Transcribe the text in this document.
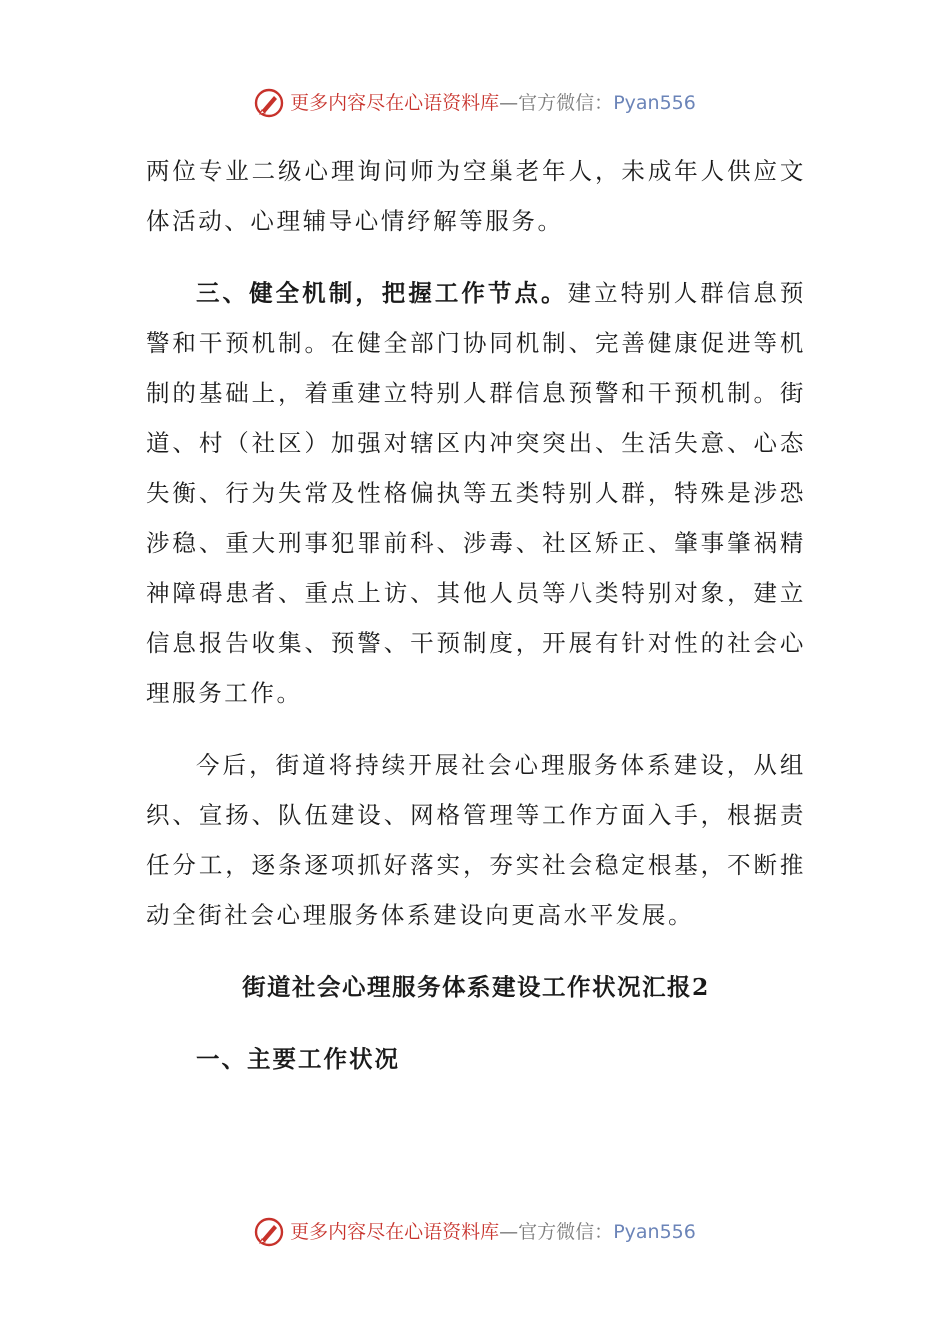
更多内容尽在心语资料库 — 官方微信： Pyan556

两位专业二级心理询问师为空巢老年人，未成年人供应文体活动、心理辅导心情纾解等服务。

三、健全机制，把握工作节点。建立特别人群信息预警和干预机制。在健全部门协同机制、完善健康促进等机制的基础上，着重建立特别人群信息预警和干预机制。街道、村（社区）加强对辖区内冲突突出、生活失意、心态失衡、行为失常及性格偏执等五类特别人群，特殊是涉恐涉稳、重大刑事犯罪前科、涉毒、社区矫正、肇事肇祸精神障碍患者、重点上访、其他人员等八类特别对象，建立信息报告收集、预警、干预制度，开展有针对性的社会心理服务工作。

今后，街道将持续开展社会心理服务体系建设，从组织、宣扬、队伍建设、网格管理等工作方面入手，根据责任分工，逐条逐项抓好落实，夯实社会稳定根基，不断推动全街社会心理服务体系建设向更高水平发展。

街道社会心理服务体系建设工作状况汇报2

一、主要工作状况

更多内容尽在心语资料库 — 官方微信： Pyan556
